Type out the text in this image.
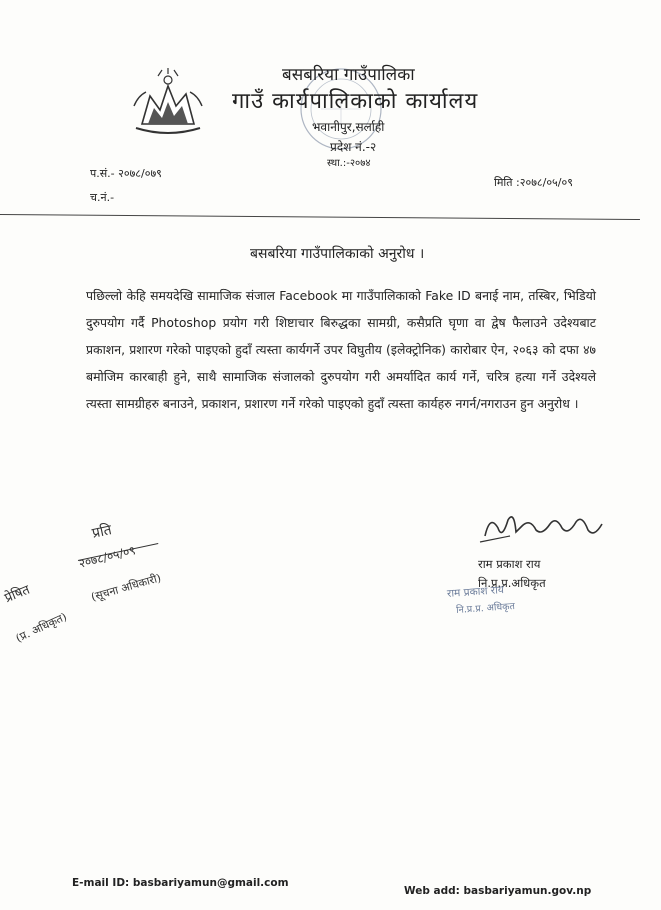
बसबरिया गाउँपालिका
गाउँ कार्यपालिकाको कार्यालय
भवानीपुर,सर्लाही
प्रदेश नं.-२
स्था.:-२०७४
प.सं.- २०७८/०७९
च.नं.-
मिति :२०७८/०५/०९
बसबरिया गाउँपालिकाको अनुरोध ।
पछिल्लो केहि समयदेखि सामाजिक संजाल Facebook मा गाउँपालिकाको Fake ID बनाई नाम, तस्बिर, भिडियो दुरुपयोग गर्दै Photoshop प्रयोग गरी शिष्टाचार बिरुद्धका सामग्री, कसैप्रति घृणा वा द्वेष फैलाउने उदेश्यबाट प्रकाशन, प्रशारण गरेको पाइएको हुदाँ त्यस्ता कार्यगर्ने उपर विघुतीय (इलेक्ट्रोनिक) कारोबार ऐन, २०६३ को दफा ४७ बमोजिम कारबाही हुने, साथै सामाजिक संजालको दुरुपयोग गरी अमर्यादित कार्य गर्ने, चरित्र हत्या गर्ने उदेश्यले त्यस्ता सामग्रीहरु बनाउने, प्रकाशन, प्रशारण गर्ने गरेको पाइएको हुदाँ त्यस्ता कार्यहरु नगर्न/नगराउन हुन अनुरोध ।
राम प्रकाश राय
नि.प्र.प्र.अधिकृत
राम प्रकाश राय
नि.प्र.प्र. अधिकृत
प्रति
२०७८/०५/०९
(सूचना अधिकारी)
प्रेषित
(प्र. अधिकृत)
E-mail ID: basbariyamun@gmail.com
Web add: basbariyamun.gov.np
